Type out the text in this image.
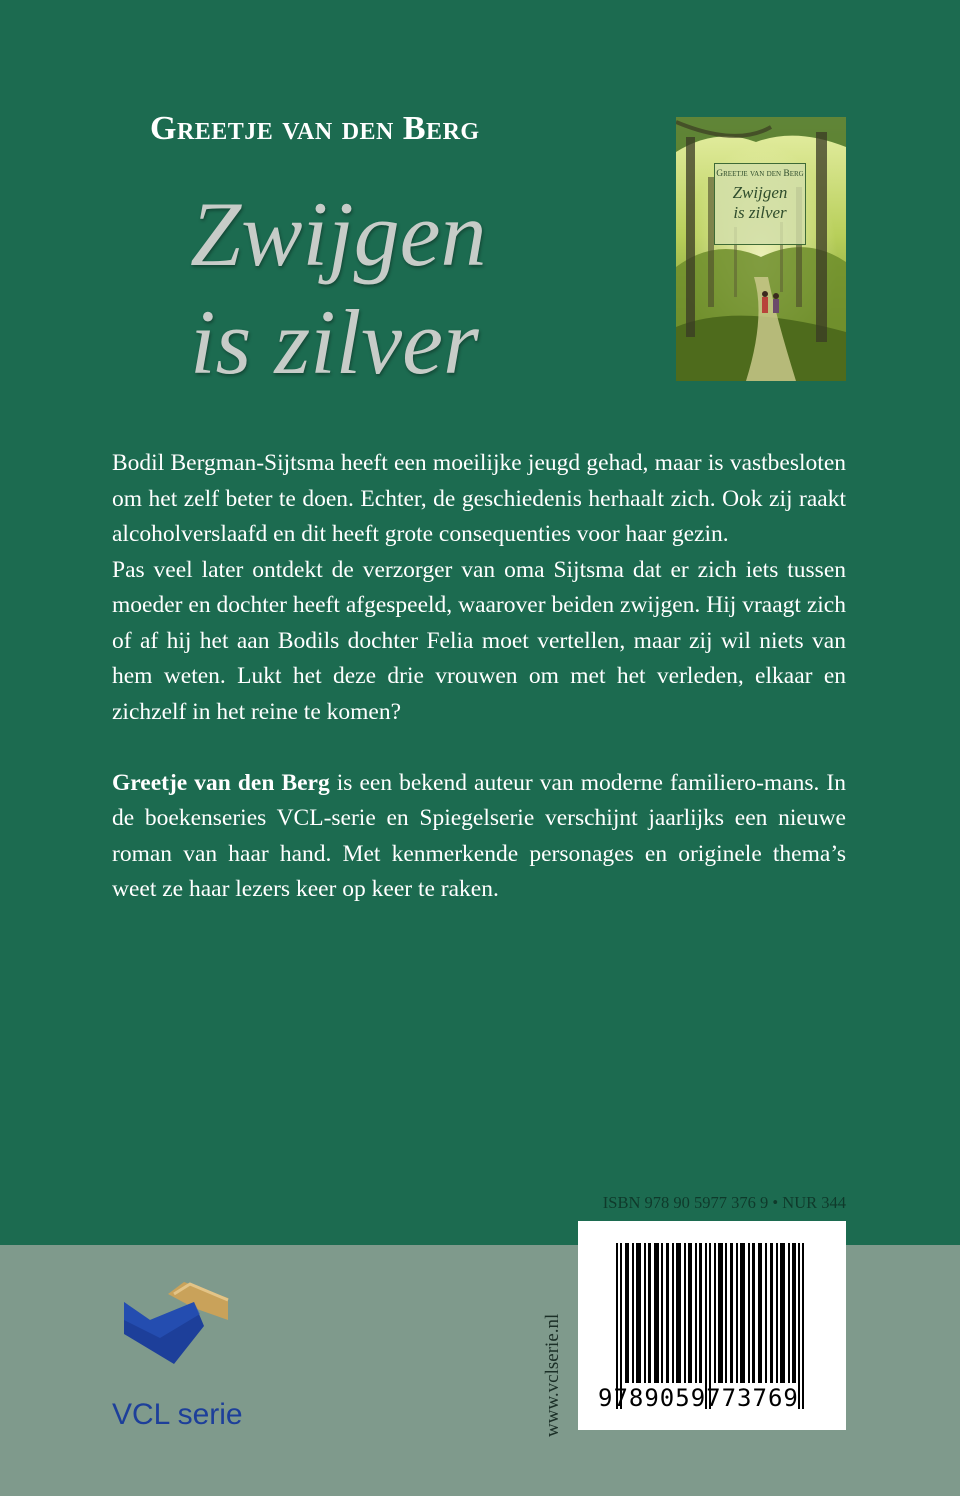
Greetje van den Berg
Zwijgen
is zilver
Greetje van den Berg
Zwijgen
is zilver

Bodil Bergman-Sijtsma heeft een moeilijke jeugd gehad, maar is vastbesloten om het zelf beter te doen. Echter, de geschiedenis herhaalt zich. Ook zij raakt alcoholverslaafd en dit heeft grote consequenties voor haar gezin.

Pas veel later ontdekt de verzorger van oma Sijtsma dat er zich iets tussen moeder en dochter heeft afgespeeld, waarover beiden zwijgen. Hij vraagt zich of af hij het aan Bodils dochter Felia moet vertellen, maar zij wil niets van hem weten. Lukt het deze drie vrouwen om met het verleden, elkaar en zichzelf in het reine te komen?

Greetje van den Berg is een bekend auteur van moderne familiero-mans. In de boekenseries VCL-serie en Spiegelserie verschijnt jaarlijks een nieuwe roman van haar hand. Met kenmerkende personages en originele thema’s weet ze haar lezers keer op keer te raken.

ISBN 978 90 5977 376 9 • NUR 344
VCL serie	www.vclserie.nl 9789059773769
